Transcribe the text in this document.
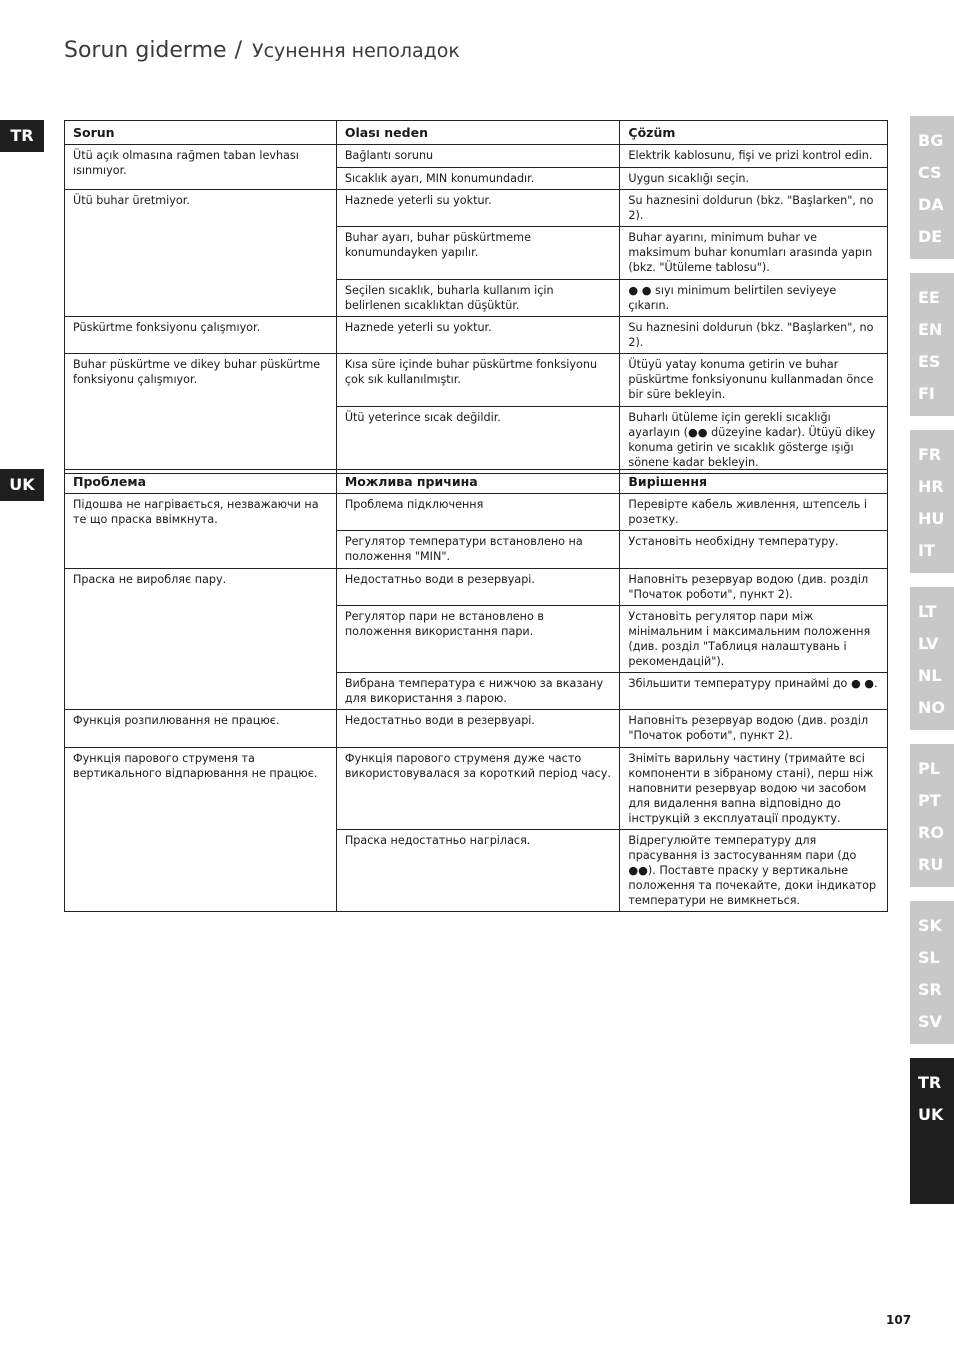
Sorun giderme / Усунення неполадок
TR	Sorun	Olası neden	Çözüm
Ütü açık olmasına rağmen taban levhası ısınmıyor.	Bağlantı sorunu	Elektrik kablosunu, fişi ve prizi kontrol edin.
	Sıcaklık ayarı, MIN konumundadır.	Uygun sıcaklığı seçin.
Ütü buhar üretmiyor.	Haznede yeterli su yoktur.	Su haznesini doldurun (bkz. "Başlarken", no 2).
	Buhar ayarı, buhar püskürtmeme konumundayken yapılır.	Buhar ayarını, minimum buhar ve maksimum buhar konumları arasında yapın (bkz. "Ütüleme tablosu").
	Seçilen sıcaklık, buharla kullanım için belirlenen sıcaklıktan düşüktür.	● ● sıyı minimum belirtilen seviyeye çıkarın.
Püskürtme fonksiyonu çalışmıyor.	Haznede yeterli su yoktur.	Su haznesini doldurun (bkz. "Başlarken", no 2).
Buhar püskürtme ve dikey buhar püskürtme fonksiyonu çalışmıyor.	Kısa süre içinde buhar püskürtme fonksiyonu çok sık kullanılmıştır.	Ütüyü yatay konuma getirin ve buhar püskürtme fonksiyonunu kullanmadan önce bir süre bekleyin.
	Ütü yeterince sıcak değildir.	Buharlı ütüleme için gerekli sıcaklığı ayarlayın (●● düzeyine kadar). Ütüyü dikey konuma getirin ve sıcaklık gösterge ışığı sönene kadar bekleyin.
UK	Проблема	Можлива причина	Вирішення
Підошва не нагрівається, незважаючи на те що праска ввімкнута.	Проблема підключення	Перевірте кабель живлення, штепсель і розетку.
	Регулятор температури встановлено на положення "MIN".	Установіть необхідну температуру.
Праска не виробляє пару.	Недостатньо води в резервуарі.	Наповніть резервуар водою (див. розділ "Початок роботи", пункт 2).
	Регулятор пари не встановлено в положення використання пари.	Установіть регулятор пари між мінімальним і максимальним положення (див. розділ "Таблиця налаштувань і рекомендацій").
	Вибрана температура є нижчою за вказану для використання з парою.	Збільшити температуру принаймі до ● ●.
Функція розпилювання не працює.	Недостатньо води в резервуарі.	Наповніть резервуар водою (див. розділ "Початок роботи", пункт 2).
Функція парового струменя та вертикального відпарювання не працює.	Функція парового струменя дуже часто використовувалася за короткий період часу.	Зніміть варильну частину (тримайте всі компоненти в зібраному стані), перш ніж наповнити резервуар водою чи засобом для видалення вапна відповідно до інструкцій з експлуатації продукту.
	Праска недостатньо нагрілася.	Відрегулюйте температуру для прасування із застосуванням пари (до ●●). Поставте праску у вертикальне положення та почекайте, доки індикатор температури не вимкнеться.
BG
CS
DA
DE
EE
EN
ES
FI
FR
HR
HU
IT
LT
LV
NL
NO
PL
PT
RO
RU
SK
SL
SR
SV
TR
UK
107
